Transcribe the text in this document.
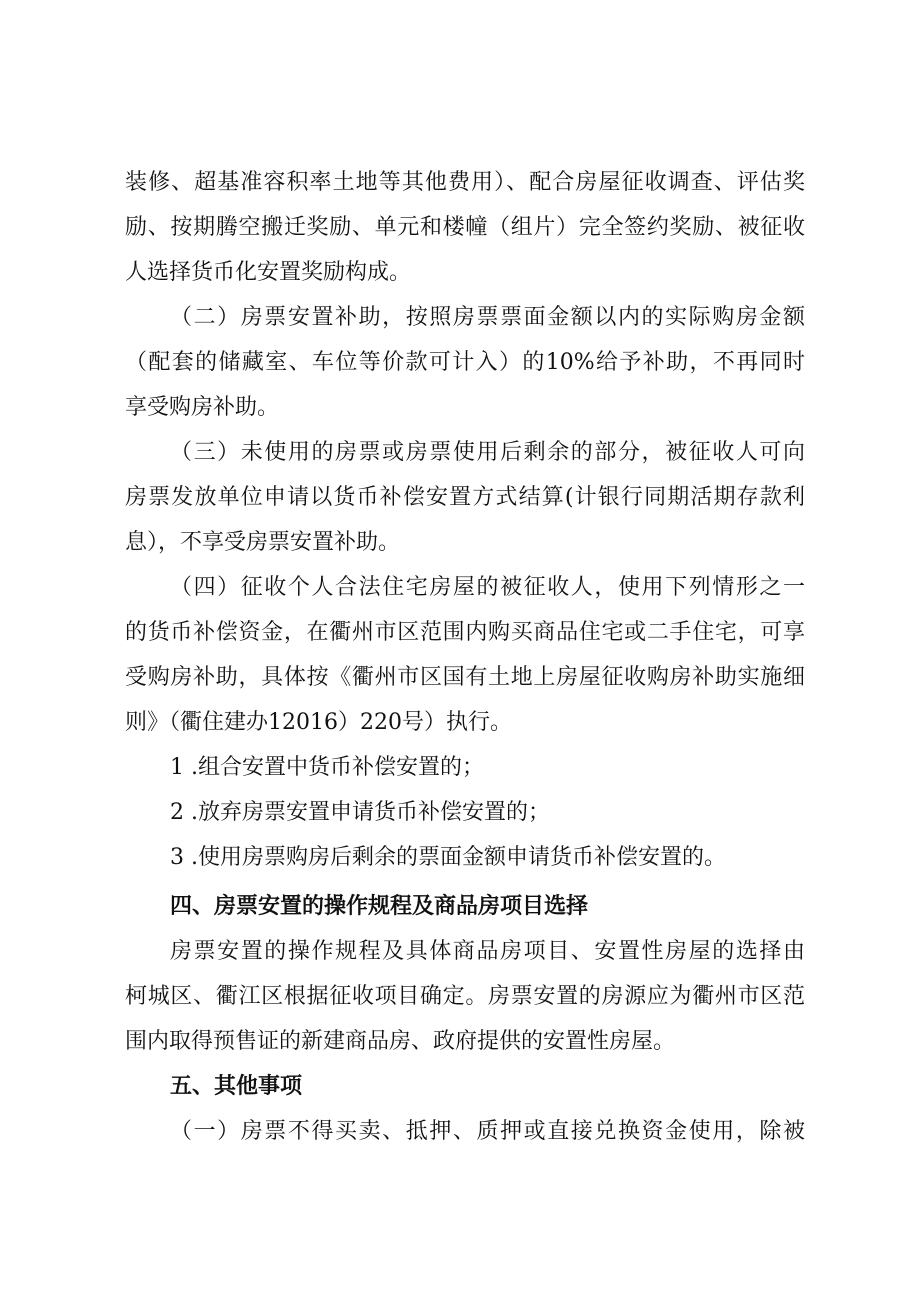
装修、超基准容积率土地等其他费用）、配合房屋征收调查、评估奖
励、按期腾空搬迁奖励、单元和楼幢（组片）完全签约奖励、被征收
人选择货币化安置奖励构成。
（二）房票安置补助，按照房票票面金额以内的实际购房金额
（配套的储藏室、车位等价款可计入）的10%给予补助，不再同时
享受购房补助。
（三）未使用的房票或房票使用后剩余的部分，被征收人可向
房票发放单位申请以货币补偿安置方式结算(计银行同期活期存款利
息），不享受房票安置补助。
（四）征收个人合法住宅房屋的被征收人，使用下列情形之一
的货币补偿资金，在衢州市区范围内购买商品住宅或二手住宅，可享
受购房补助，具体按《衢州市区国有土地上房屋征收购房补助实施细
则》（衢住建办12016）220号）执行。
1 .组合安置中货币补偿安置的；
2 .放弃房票安置申请货币补偿安置的；
3 .使用房票购房后剩余的票面金额申请货币补偿安置的。
四、房票安置的操作规程及商品房项目选择
房票安置的操作规程及具体商品房项目、安置性房屋的选择由
柯城区、衢江区根据征收项目确定。房票安置的房源应为衢州市区范
围内取得预售证的新建商品房、政府提供的安置性房屋。
五、其他事项
（一）房票不得买卖、抵押、质押或直接兑换资金使用，除被
